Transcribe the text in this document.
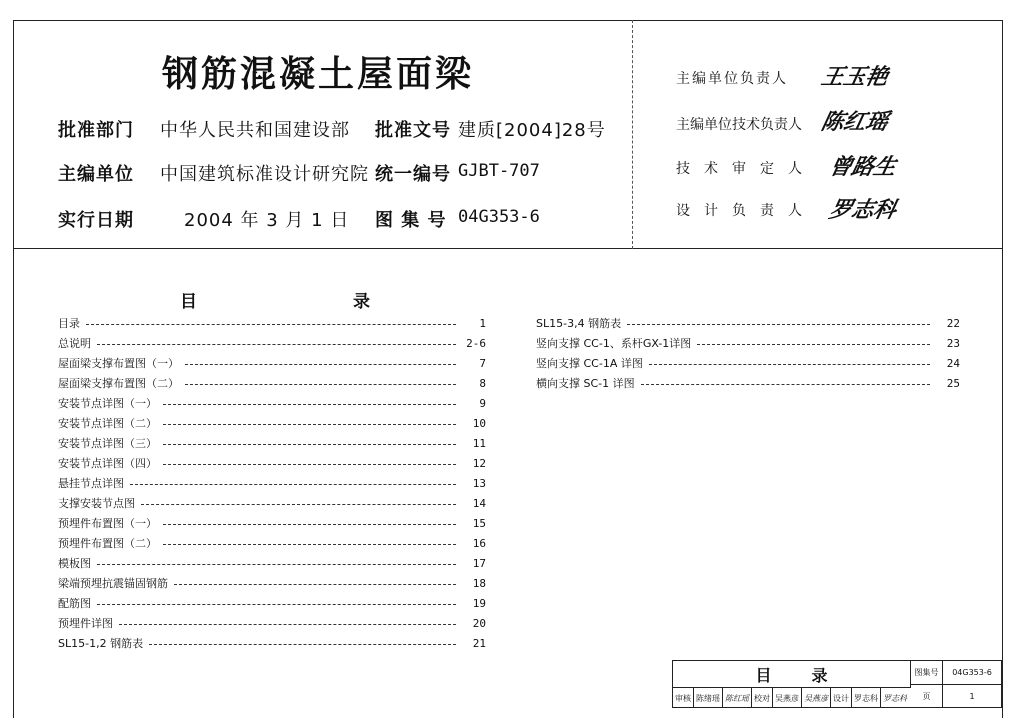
钢筋混凝土屋面梁
批准部门 中华人民共和国建设部 批准文号 建质[2004]28号
主编单位 中国建筑标准设计研究院 统一编号 GJBT-707
实行日期	2004 年 3 月 1 日 图 集 号 04G353-6
主编单位负责人 王玉艳
主编单位技术负责人 陈红瑶
技术审定人 曾路生
设计负责人 罗志科
目	录
目录	1
总说明	2-6
屋面梁支撑布置图（一）	7
屋面梁支撑布置图（二）	8
安装节点详图（一）	9
安装节点详图（二）	10
安装节点详图（三）	11
安装节点详图（四）	12
悬挂节点详图	13
支撑安装节点图	14
预埋件布置图（一）	15
预埋件布置图（二）	16
模板图	17
梁端预埋抗震锚固钢筋	18
配筋图	19
预埋件详图	20
SL15-1,2 钢筋表	21
SL15-3,4 钢筋表	22
竖向支撑 CC-1、系杆GX-1详图	23
竖向支撑 CC-1A 详图	24
横向支撑 SC-1 详图	25
目	录	图集号	04G353-6
页	1
审核 陈绪瑶 陈红瑶 校对 吴燕彦 吴燕彦 设计 罗志科 罗志科
